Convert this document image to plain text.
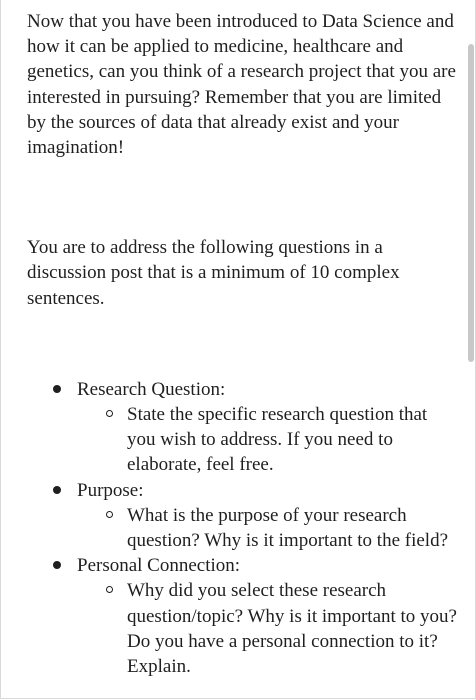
Now that you have been introduced to Data Science and how it can be applied to medicine, healthcare and genetics, can you think of a research project that you are interested in pursuing? Remember that you are limited by the sources of data that already exist and your imagination!

You are to address the following questions in a discussion post that is a minimum of 10 complex sentences.

Research Question:
State the specific research question that you wish to address. If you need to elaborate, feel free.
Purpose:
What is the purpose of your research question? Why is it important to the field?
Personal Connection:
Why did you select these research question/topic? Why is it important to you? Do you have a personal connection to it? Explain.
